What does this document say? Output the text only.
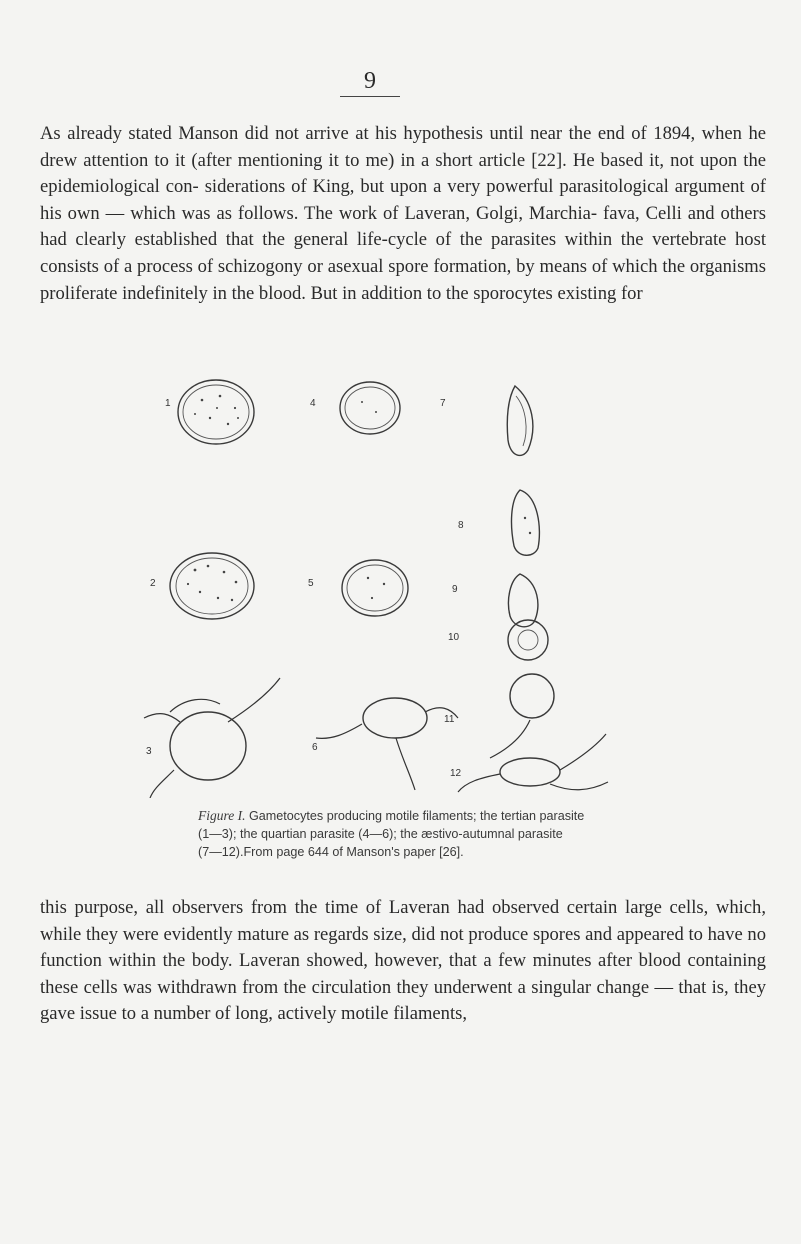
9
As already stated Manson did not arrive at his hypothesis until near the end of 1894, when he drew attention to it (after mentioning it to me) in a short article [22]. He based it, not upon the epidemiological con- siderations of King, but upon a very powerful parasitological argument of his own — which was as follows. The work of Laveran, Golgi, Marchia- fava, Celli and others had clearly established that the general life-cycle of the parasites within the vertebrate host consists of a process of schizogony or asexual spore formation, by means of which the organisms proliferate indefinitely in the blood. But in addition to the sporocytes existing for
1	4	7
8
2	5
9
10
3	6
11
12
Figure I. Gametocytes producing motile filaments; the tertian parasite
(1—3); the quartian parasite (4—6); the æstivo-autumnal parasite
(7—12).From page 644 of Manson's paper [26].
this purpose, all observers from the time of Laveran had observed certain large cells, which, while they were evidently mature as regards size, did not produce spores and appeared to have no function within the body. Laveran showed, however, that a few minutes after blood containing these cells was withdrawn from the circulation they underwent a singular change — that is, they gave issue to a number of long, actively motile filaments,
